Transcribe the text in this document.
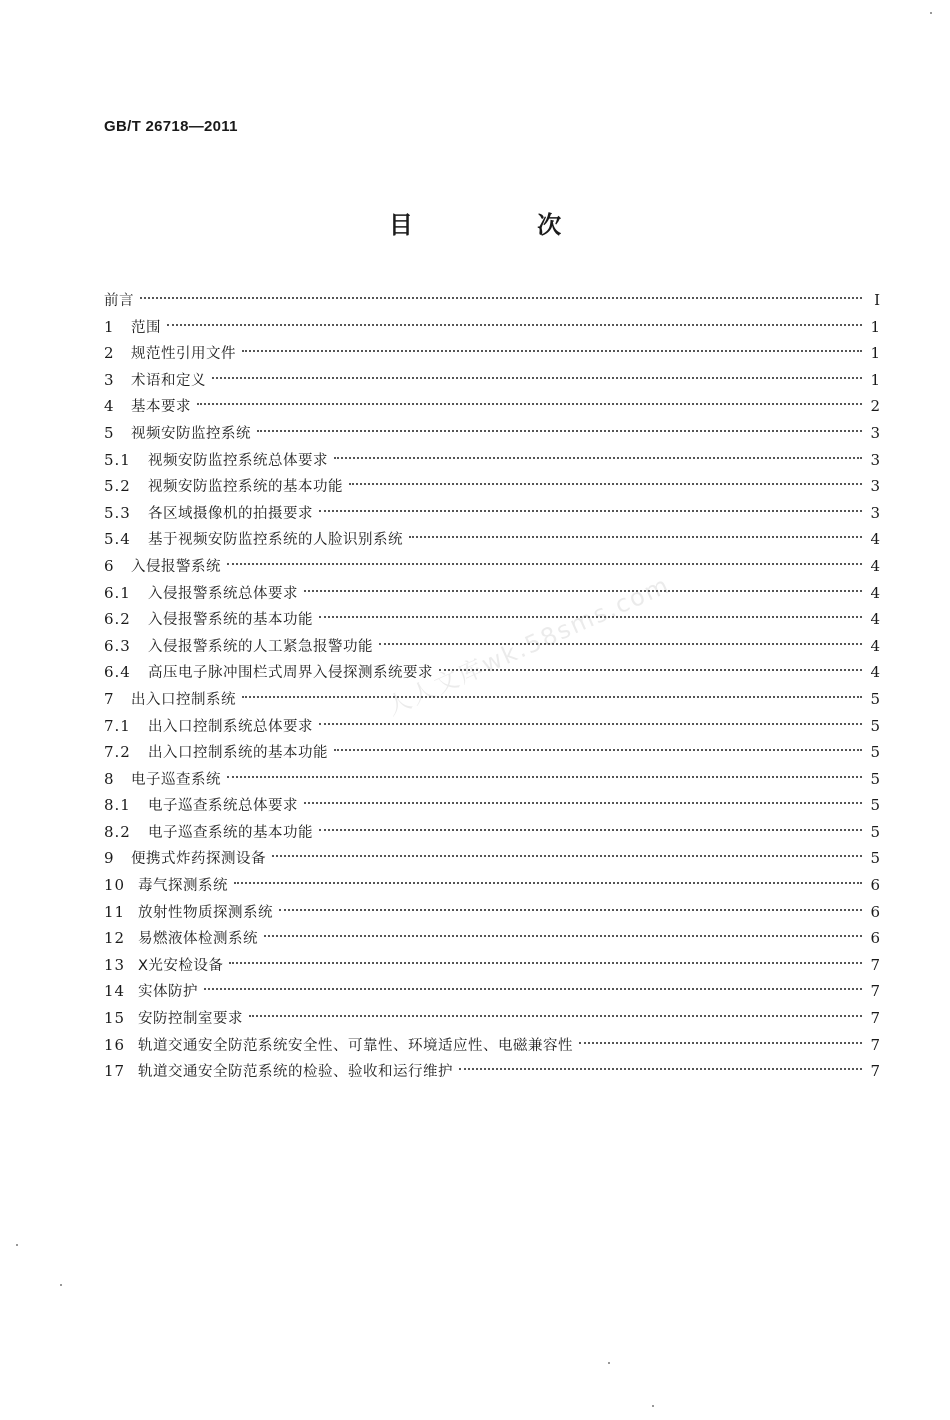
GB/T 26718—2011
目 次
人人文库wk.58sms.com
前言	Ⅰ
1	范围	1
2	规范性引用文件	1
3	术语和定义	1
4	基本要求	2
5	视频安防监控系统	3
5.1	视频安防监控系统总体要求	3
5.2	视频安防监控系统的基本功能	3
5.3	各区域摄像机的拍摄要求	3
5.4	基于视频安防监控系统的人脸识别系统	4
6	入侵报警系统	4
6.1	入侵报警系统总体要求	4
6.2	入侵报警系统的基本功能	4
6.3	入侵报警系统的人工紧急报警功能	4
6.4	高压电子脉冲围栏式周界入侵探测系统要求	4
7	出入口控制系统	5
7.1	出入口控制系统总体要求	5
7.2	出入口控制系统的基本功能	5
8	电子巡查系统	5
8.1	电子巡查系统总体要求	5
8.2	电子巡查系统的基本功能	5
9	便携式炸药探测设备	5
10 毒气探测系统	6
11 放射性物质探测系统	6
12 易燃液体检测系统	6
13 X光安检设备	7
14 实体防护	7
15 安防控制室要求	7
16 轨道交通安全防范系统安全性、可靠性、环境适应性、电磁兼容性	7
17 轨道交通安全防范系统的检验、验收和运行维护	7
